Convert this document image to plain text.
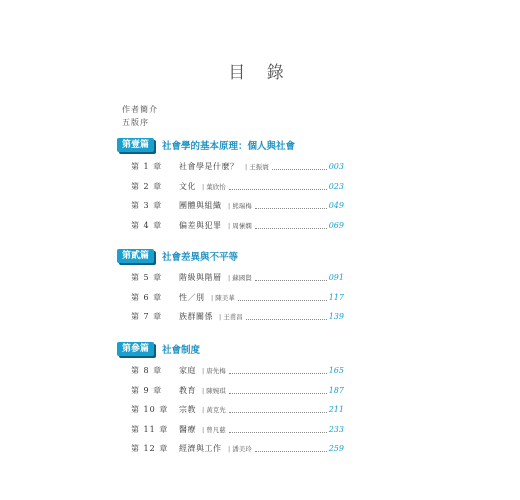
目 錄
作者簡介
五版序
第壹篇	社會學的基本原理：個人與社會
第 1 章 社會學是什麼？	| 王振寰	003
第 2 章 文化	| 葉欣怡	023
第 3 章 團體與組織	| 熊瑞梅	049
第 4 章 偏差與犯罪	| 周愫嫻	069
第貳篇	社會差異與不平等
第 5 章 階級與階層	| 蘇國賢	091
第 6 章 性／別	| 陳美華	117
第 7 章 族群關係	| 王甫昌	139
第參篇	社會制度
第 8 章 家庭	| 唐先梅	165
第 9 章 教育	| 陳婉琪	187
第 10 章 宗教	| 黃克先	211
第 11 章 醫療	| 曾凡慈	233
第 12 章 經濟與工作	| 潘美玲	259
